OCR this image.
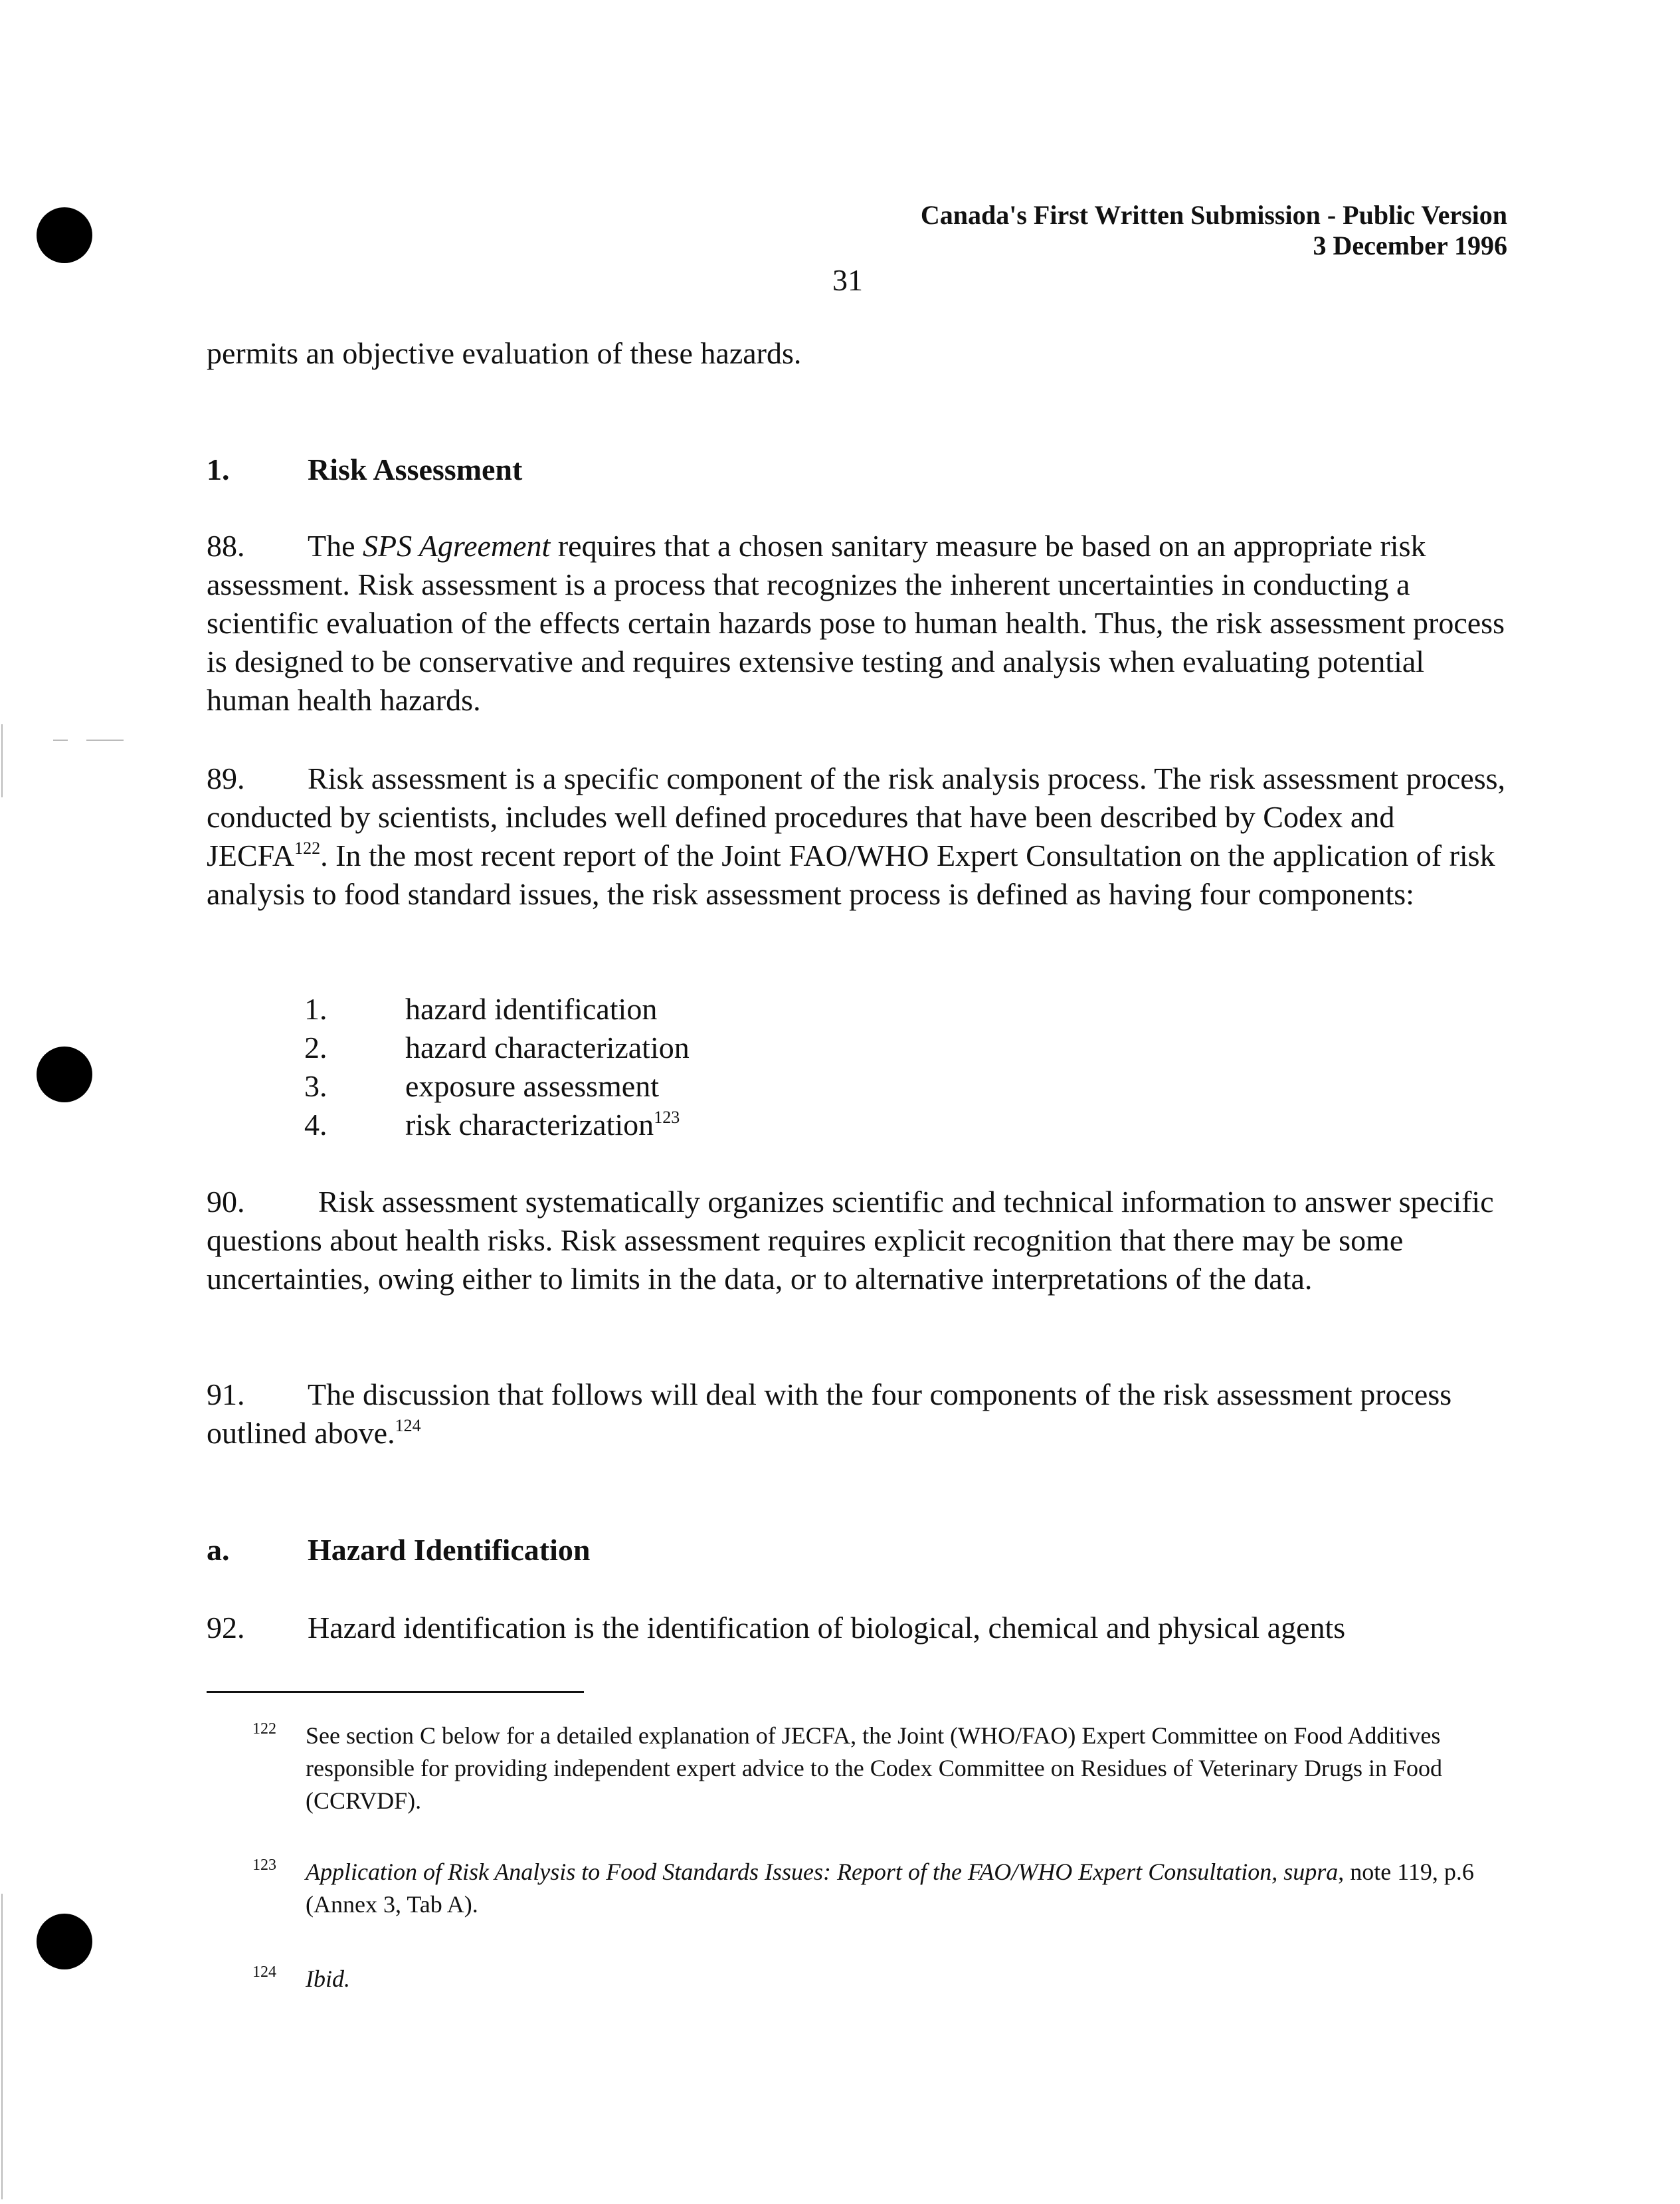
Canada's First Written Submission - Public Version
3 December 1996
31
permits an objective evaluation of these hazards.
1.	Risk Assessment
88. The SPS Agreement requires that a chosen sanitary measure be based on an appropriate risk assessment. Risk assessment is a process that recognizes the inherent uncertainties in conducting a scientific evaluation of the effects certain hazards pose to human health. Thus, the risk assessment process is designed to be conservative and requires extensive testing and analysis when evaluating potential human health hazards.
89. Risk assessment is a specific component of the risk analysis process. The risk assessment process, conducted by scientists, includes well defined procedures that have been described by Codex and JECFA$^{122}$. In the most recent report of the Joint FAO/WHO Expert Consultation on the application of risk analysis to food standard issues, the risk assessment process is defined as having four components:
1.	hazard identification
2.	hazard characterization
3.	exposure assessment
4.	risk characterization$^{123}$
90. Risk assessment systematically organizes scientific and technical information to answer specific questions about health risks. Risk assessment requires explicit recognition that there may be some uncertainties, owing either to limits in the data, or to alternative interpretations of the data.
91. The discussion that follows will deal with the four components of the risk assessment process outlined above.$^{124}$
a.	Hazard Identification
92. Hazard identification is the identification of biological, chemical and physical agents
122 See section C below for a detailed explanation of JECFA, the Joint (WHO/FAO) Expert Committee on Food Additives responsible for providing independent expert advice to the Codex Committee on Residues of Veterinary Drugs in Food (CCRVDF).
123 Application of Risk Analysis to Food Standards Issues: Report of the FAO/WHO Expert Consultation, supra, note 119, p.6 (Annex 3, Tab A).
124 Ibid.
